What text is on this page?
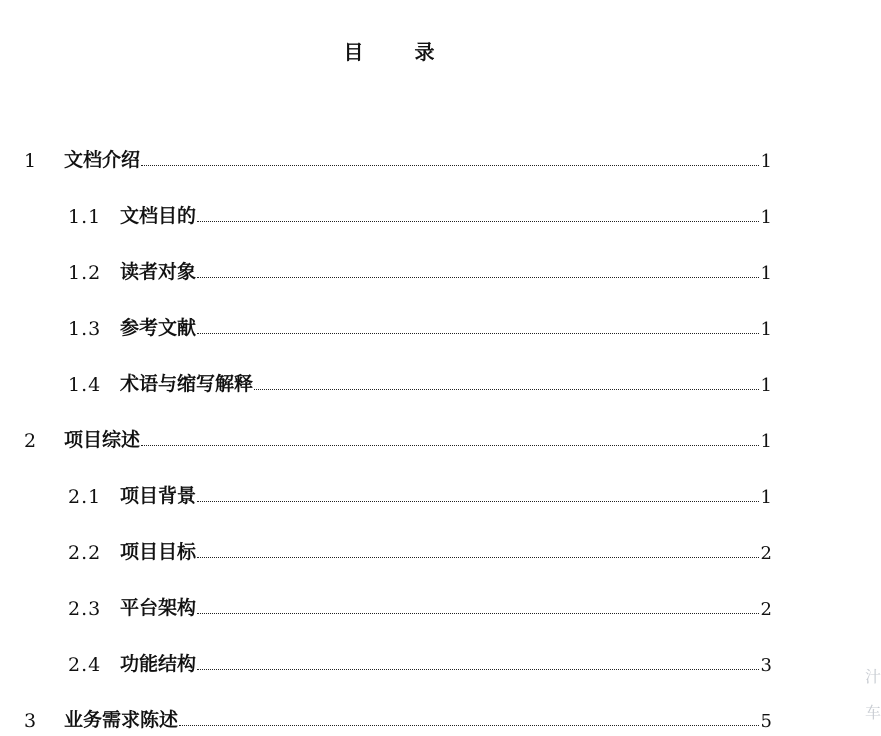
目 录
1	文档介绍	1
1.1 文档目的	1
1.2 读者对象	1
1.3 参考文献	1
1.4 术语与缩写解释	1
2	项目综述	1
2.1 项目背景	1
2.2 项目目标	2
2.3 平台架构	2
2.4 功能结构	3
3	业务需求陈述	5
汁
车
